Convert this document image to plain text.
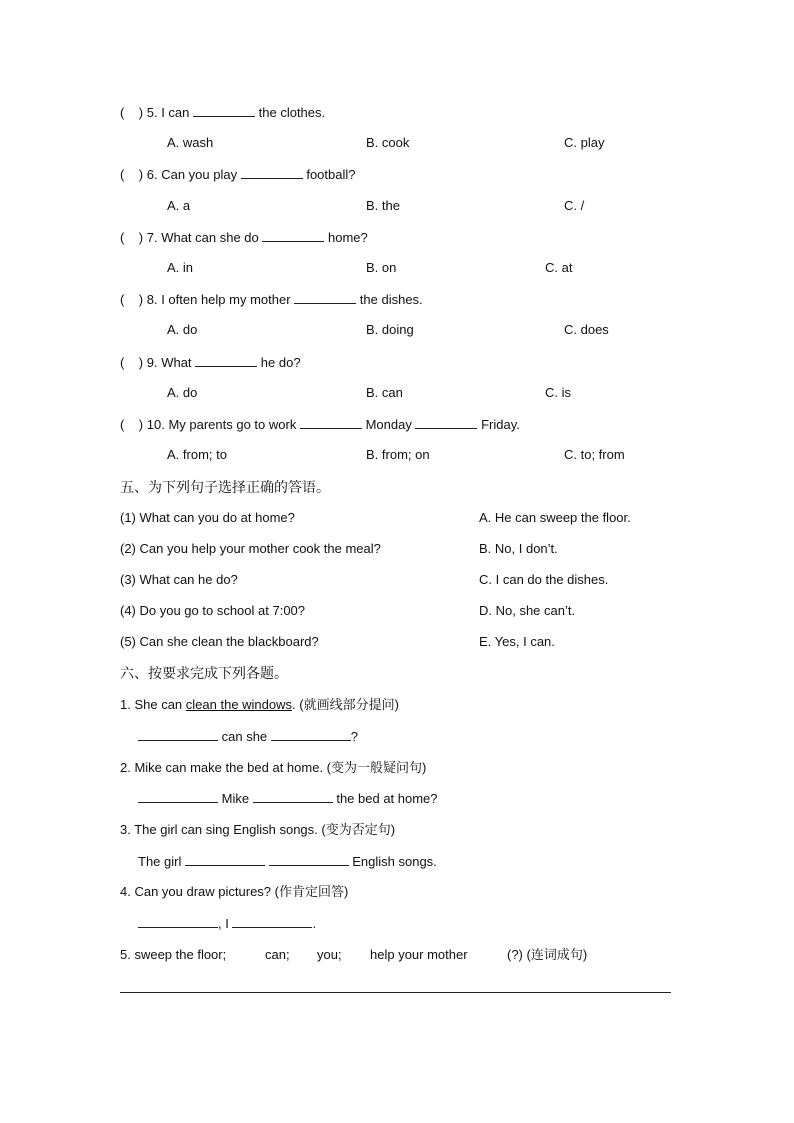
(    ) 5. I can	the clothes.
A. wash	B. cook	C. play
(    ) 6. Can you play	football?
A. a	B. the	C. /
(    ) 7. What can she do	home?
A. in	B. on	C. at
(    ) 8. I often help my mother	the dishes.
A. do	B. doing	C. does
(    ) 9. What	he do?
A. do	B. can	C. is
(    ) 10. My parents go to work	Monday	Friday.
A. from; to	B. from; on	C. to; from
五、为下列句子选择正确的答语。
(1) What can you do at home?	A. He can sweep the floor.
(2) Can you help your mother cook the meal?	B. No, I don’t.
(3) What can he do?	C. I can do the dishes.
(4) Do you go to school at 7:00?	D. No, she can’t.
(5) Can she clean the blackboard?	E. Yes, I can.
六、按要求完成下列各题。
1. She can clean the windows. (就画线部分提问)
can she	?
2. Mike can make the bed at home. (变为一般疑问句)
Mike	the bed at home?
3. The girl can sing English songs. (变为否定句)
The girl	English songs.
4. Can you draw pictures? (作肯定回答)
, I	.
5. sweep the floor;	can; you; help your mother	(?) (连词成句)
